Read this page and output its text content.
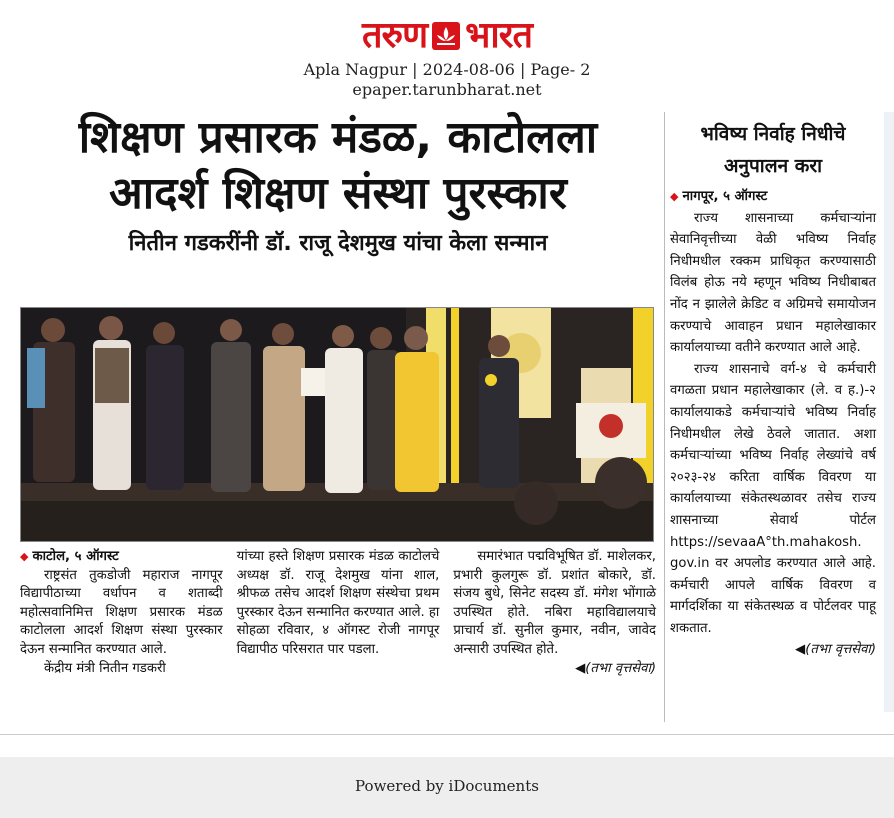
तरुण भारत
Apla Nagpur | 2024-08-06 | Page- 2
epaper.tarunbharat.net
शिक्षण प्रसारक मंडळ, काटोलला
आदर्श शिक्षण संस्था पुरस्कार
नितीन गडकरींनी डॉ. राजू देशमुख यांचा केला सन्मान

◆ काटोल, ५ ऑगस्ट

राष्ट्रसंत तुकडोजी महाराज नागपूर विद्यापीठाच्या वर्धापन व शताब्दी महोत्सवानिमित्त शिक्षण प्रसारक मंडळ काटोलला आदर्श शिक्षण संस्था पुरस्कार देऊन सन्मानित करण्यात आले.

केंद्रीय मंत्री नितीन गडकरी

यांच्या हस्ते शिक्षण प्रसारक मंडळ काटोलचे अध्यक्ष डॉ. राजू देशमुख यांना शाल, श्रीफळ तसेच आदर्श शिक्षण संस्थेचा प्रथम पुरस्कार देऊन सन्मानित करण्यात आले. हा सोहळा रविवार, ४ ऑगस्ट रोजी नागपूर विद्यापीठ परिसरात पार पडला.

समारंभात पद्मविभूषित डॉ. माशेलकर, प्रभारी कुलगुरू डॉ. प्रशांत बोकारे, डॉ. संजय बुधे, सिनेट सदस्य डॉ. मंगेश भोंगाळे उपस्थित होते. नबिरा महाविद्यालयाचे प्राचार्य डॉ. सुनील कुमार, नवीन, जावेद अन्सारी उपस्थित होते.

◀(तभा वृत्तसेवा)

भविष्य निर्वाह निधीचे
अनुपालन करा

◆ नागपूर, ५ ऑगस्ट

राज्य शासनाच्या कर्मचाऱ्यांना सेवानिवृत्तीच्या वेळी भविष्य निर्वाह निधीमधील रक्कम प्राधिकृत करण्यासाठी विलंब होऊ नये म्हणून भविष्य निधीबाबत नोंद न झालेले क्रेडिट व अग्रिमचे समायोजन करण्याचे आवाहन प्रधान महालेखाकार कार्यालयाच्या वतीने करण्यात आले आहे.

राज्य शासनाचे वर्ग-४ चे कर्मचारी वगळता प्रधान महालेखाकार (ले. व ह.)-२ कार्यालयाकडे कर्मचाऱ्यांचे भविष्य निर्वाह निधीमधील लेखे ठेवले जातात. अशा कर्मचाऱ्यांच्या भविष्य निर्वाह लेख्यांचे वर्ष २०२३-२४ करिता वार्षिक विवरण या कार्यालयाच्या संकेतस्थळावर तसेच राज्य शासनाच्या सेवार्थ पोर्टल https://sevaaA°th.mahakosh. gov.in वर अपलोड करण्यात आले आहे. कर्मचारी आपले वार्षिक विवरण व मार्गदर्शिका या संकेतस्थळ व पोर्टलवर पाहू शकतात.

◀(तभा वृत्तसेवा)

Powered by iDocuments
